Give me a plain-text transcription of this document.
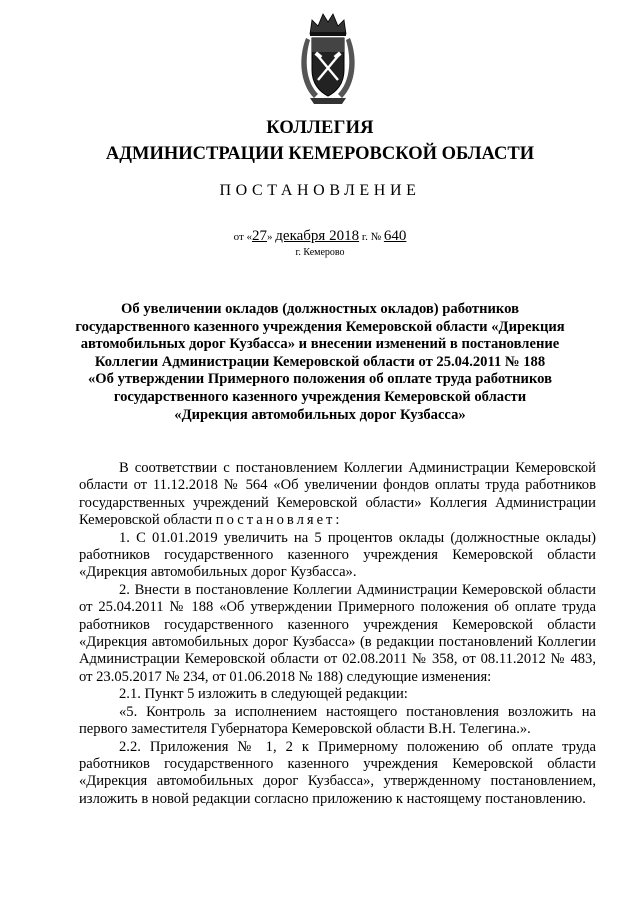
КОЛЛЕГИЯ
АДМИНИСТРАЦИИ КЕМЕРОВСКОЙ ОБЛАСТИ
ПОСТАНОВЛЕНИЕ
от «27» декабря 2018 г. № 640
г. Кемерово
Об увеличении окладов (должностных окладов) работников
государственного казенного учреждения Кемеровской области «Дирекция
автомобильных дорог Кузбасса» и внесении изменений в постановление
Коллегии Администрации Кемеровской области от 25.04.2011 № 188
«Об утверждении Примерного положения об оплате труда работников
государственного казенного учреждения Кемеровской области
«Дирекция автомобильных дорог Кузбасса»

В соответствии с постановлением Коллегии Администрации Кемеровской области от 11.12.2018 № 564 «Об увеличении фондов оплаты труда работников государственных учреждений Кемеровской области» Коллегия Администрации Кемеровской области постановляет:

1. С 01.01.2019 увеличить на 5 процентов оклады (должностные оклады) работников государственного казенного учреждения Кемеровской области «Дирекция автомобильных дорог Кузбасса».

2. Внести в постановление Коллегии Администрации Кемеровской области от 25.04.2011 № 188 «Об утверждении Примерного положения об оплате труда работников государственного казенного учреждения Кемеровской области «Дирекция автомобильных дорог Кузбасса» (в редакции постановлений Коллегии Администрации Кемеровской области от 02.08.2011 № 358, от 08.11.2012 № 483, от 23.05.2017 № 234, от 01.06.2018 № 188) следующие изменения:

2.1. Пункт 5 изложить в следующей редакции:

«5. Контроль за исполнением настоящего постановления возложить на первого заместителя Губернатора Кемеровской области В.Н. Телегина.».

2.2. Приложения № 1, 2 к Примерному положению об оплате труда работников государственного казенного учреждения Кемеровской области «Дирекция автомобильных дорог Кузбасса», утвержденному постановлением, изложить в новой редакции согласно приложению к настоящему постановлению.
